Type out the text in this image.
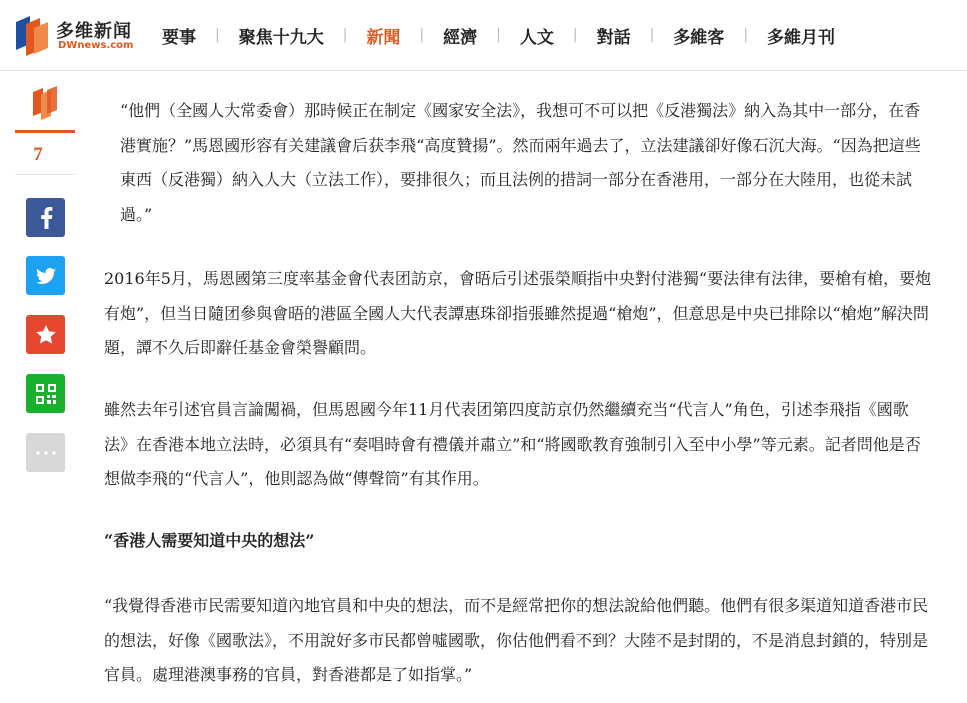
多维新闻
DWnews.com 要事 | 聚焦十九大 | 新聞 | 經濟 | 人文 | 對話 | 多維客 | 多維月刊
7

“他們（全國人大常委會）那時候正在制定《國家安全法》，我想可不可以把《反港獨法》納入為其中一部分，在香港實施？”馬恩國形容有关建議會后获李飛“高度贊揚”。然而兩年過去了，立法建議卻好像石沉大海。“因為把這些東西（反港獨）納入人大（立法工作），要排很久；而且法例的措詞一部分在香港用，一部分在大陸用，也從未試過。”

2016年5月，馬恩國第三度率基金會代表团訪京，會晤后引述張榮順指中央對付港獨“要法律有法律，要槍有槍，要炮有炮”，但当日隨团參與會晤的港區全國人大代表譚惠珠卻指張雖然提過“槍炮”，但意思是中央已排除以“槍炮”解決問題，譚不久后即辭任基金會榮譽顧問。

雖然去年引述官員言論闖禍，但馬恩國今年11月代表团第四度訪京仍然繼續充当“代言人”角色，引述李飛指《國歌法》在香港本地立法時，必須具有“奏唱時會有禮儀并肅立”和“將國歌教育強制引入至中小學”等元素。記者問他是否想做李飛的“代言人”，他則認為做“傳聲筒”有其作用。

“香港人需要知道中央的想法”

“我覺得香港市民需要知道內地官員和中央的想法，而不是經常把你的想法說給他們聽。他們有很多渠道知道香港市民的想法，好像《國歌法》，不用說好多市民都曾噓國歌，你估他們看不到？大陸不是封閉的，不是消息封鎖的，特別是官員。處理港澳事務的官員，對香港都是了如指掌。”
